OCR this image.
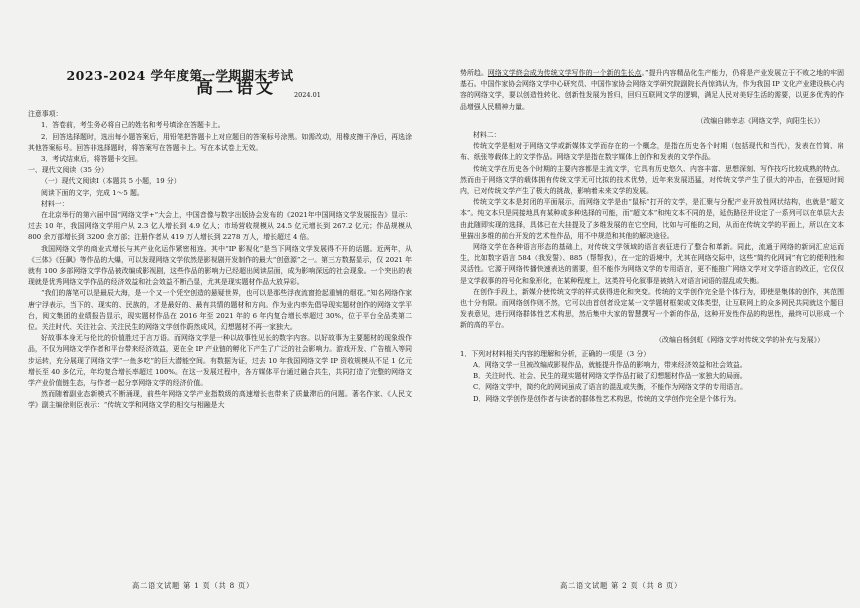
2023-2024 学年度第一学期期末考试
高二语文	2024.01

注意事项：

1．答卷前，考生务必将自己的姓名和考号填涂在答题卡上。

2．回答选择题时，选出每小题答案后，用铅笔把答题卡上对应题目的答案标号涂黑。如需改动，用橡皮擦干净后，再选涂其他答案标号。回答非选择题时，将答案写在答题卡上。写在本试卷上无效。

3．考试结束后，将答题卡交回。

一、现代文阅读（35 分）

（一）现代文阅读Ⅰ（本题共 5 小题，19 分）

阅读下面的文字，完成 1～5 题。

材料一：

在北京举行的第六届中国“网络文学+”大会上，中国音像与数字出版协会发布的《2021年中国网络文学发展报告》显示：过去 10 年，我国网络文学用户从 2.3 亿人增长到 4.9 亿人；市场营收规模从 24.5 亿元增长到 267.2 亿元；作品规模从 800 余万部增长到 3200 余万部；注册作者从 419 万人增长到 2278 万人，增长超过 4 倍。

我国网络文学的商业式增长与其产业化运作紧密相连。其中“IP 影视化”是当下网络文学发展得不开的话题。近两年，从《三体》《狂飙》等作品的大爆，可以发现网络文学依然是影视剧开发制作的最大“创意源”之一。第三方数据显示，仅 2021 年就有 100 多部网络文学作品被改编成影视剧，这些作品的影响力已经超出阅读层面，成为影响深远的社会现象。一个突出的表现就是优秀网络文学作品的经济效益和社会效益不断凸显，尤其是现实题材作品大放异彩。

“我们的落笔可以是最辰大海，是一个又一个凭空创造的悬疑世界，也可以是那些浮夜流窗抢起重铺的烟花。”知名网络作家唐宁浮表示，当下的、现实的、民族的，才是最好的、最有共情的题材和方向。作为业内率先倡导现实题材创作的网络文学平台，阅文集团的业绩报告显示，现实题材作品在 2016 年至 2021 年的 6 年内复合增长率超过 30%，位于平台全品类第二位。关注时代、关注社会、关注民生的网络文学创作蔚然成风，幻想题材不再一家独大。

好故事本身无与伦比的价值胜过于言万语。而网络文学是一种以故事性见长的数字内容。以好故事为主要题材的现象级作品，不仅为网络文学作者和平台带来经济效益，更在全 IP 产业链的孵化下产生了广泛的社会影响力。游戏开发、广告植入等同步运转，充分展现了网络文学“一鱼多吃”的巨大潜能空间。有数据为证，过去 10 年我国网络文学 IP 资收规模从不足 1 亿元增长至 40 多亿元，年均复合增长率超过 100%。在这一发展过程中，各方媒体平台通过融合共生，共同打造了完整的网络文学产业价值链生态，与作者一起分享网络文学的经济价值。

然而随着副业态新模式不断涌现，前些年网络文学产业指数级的高速增长也带来了质量滞后的问题。著名作家、《人民文学》副主编徐则臣表示：“传统文学和网络文学的相交与相融是大

势所趋。网络文学終会成为传统文学写作的一个新的生长点。”提升内容精品化生产能力，仍将是产业发展立于不败之地的牢固基石。中国作家协会网络文学中心研究员、中国作家协会网络文学研究院副院长肖惊鸿认为，作为我国 IP 文化产业建设核心内容的网络文学，要以创造性转化、创新性发展为旨归，回归互联网文学的逻辑，满足人民对美好生活的需要，以更多优秀的作品增强人民精神力量。

（改编自韩幸志《网络文学，向阳生长》）

材料二：

传统文学是相对于网络文学或新媒体文学而存在的一个概念，是指在历史各个时期（包括现代和当代），发表在竹简、帛布、纸张等载体上的文学作品。网络文学是指在数字媒体上创作和发表的文学作品。

传统文学在历史各个时期的主要内容都是主流文学，它具有历史悠久、内容丰富、思想深刻、写作技巧比较成熟的特点。然而由于网络文学的载体拥有传统文学无可比拟的技术优势，近年来发展迅猛，对传统文学产生了很大的冲击，在强短时间内，已对传统文学产生了极大的挑战，影响着未来文学的发展。

传统文学文本是封闭的平面展示，而网络文学是由“鼠标”打开的文学，是汇聚与分配产业开放性网状结构，也就是“超文本”。纯文本只是同接地具有某种或多种选择的可能，而“超文本”和纯文本不同的是，延伤路径并设定了一系列可以在单层大去由此随即实现的选择，具体已在大挂提及了多维发展的在它空间，比如与可能的之间，从而在传统文学的平面上，所以在文本里描出多维的前台开发的艺术性作品，用不中规范和其他的解决途径。

网络文学在各种语言形态的基础上，对传统文学领域的语言表征进行了整合和革新。同此，流通于网络的新词汇应运而生，比如数字语言 584（我发誓）、885（帮帮我），在一定的语境中，尤其在网络交际中，这些“简约化网词”有它的便利性和灵活性。它源于网络传播快速表达的需要，但不能作为网络文学的专用语言，更不能推广网络文学对文学语言的改正，它仅仅是文学叙事的符号化和象形化，在某种程度上，这类符号化叙事是被纳入对语言词语的混乱或失衡。

在创作手段上，新媒介使传统文学的样式获得进化和突变。传统的文学创作完全是个体行为，即使是集体的创作，其范围也十分有限。而网络创作则不然，它可以由首创者设定某一文学题材框架或文体类型，让互联网上的众多网民共同就这个题目发表意见，进行网络群体性艺术构思，然后集中大家的智慧撰写一个新的作品，这种开发性作品的构思性，最终可以形成一个新的高的平台。

（改编自杨剑虹《网络文学对传统文学的补充与发展》）

1．下列对材料相关内容的理解和分析，正确的一项是（3 分）

A．网络文学一旦被改编成影视作品，就能提升作品的影响力，带来经济效益和社会效益。

B．关注时代、社会、民生的现实题材网络文学作品打破了幻想题材作品一家独大的局面。

C．网络文学中，简约化的网词虽成了语言的混乱或失衡，不能作为网络文学的专用语言。

D．网络文学创作是创作者与读者的群体性艺术构思，传统的文学创作完全是个体行为。

高二语文试题 第 1 页（共 8 页）	高二语文试题 第 2 页（共 8 页）
